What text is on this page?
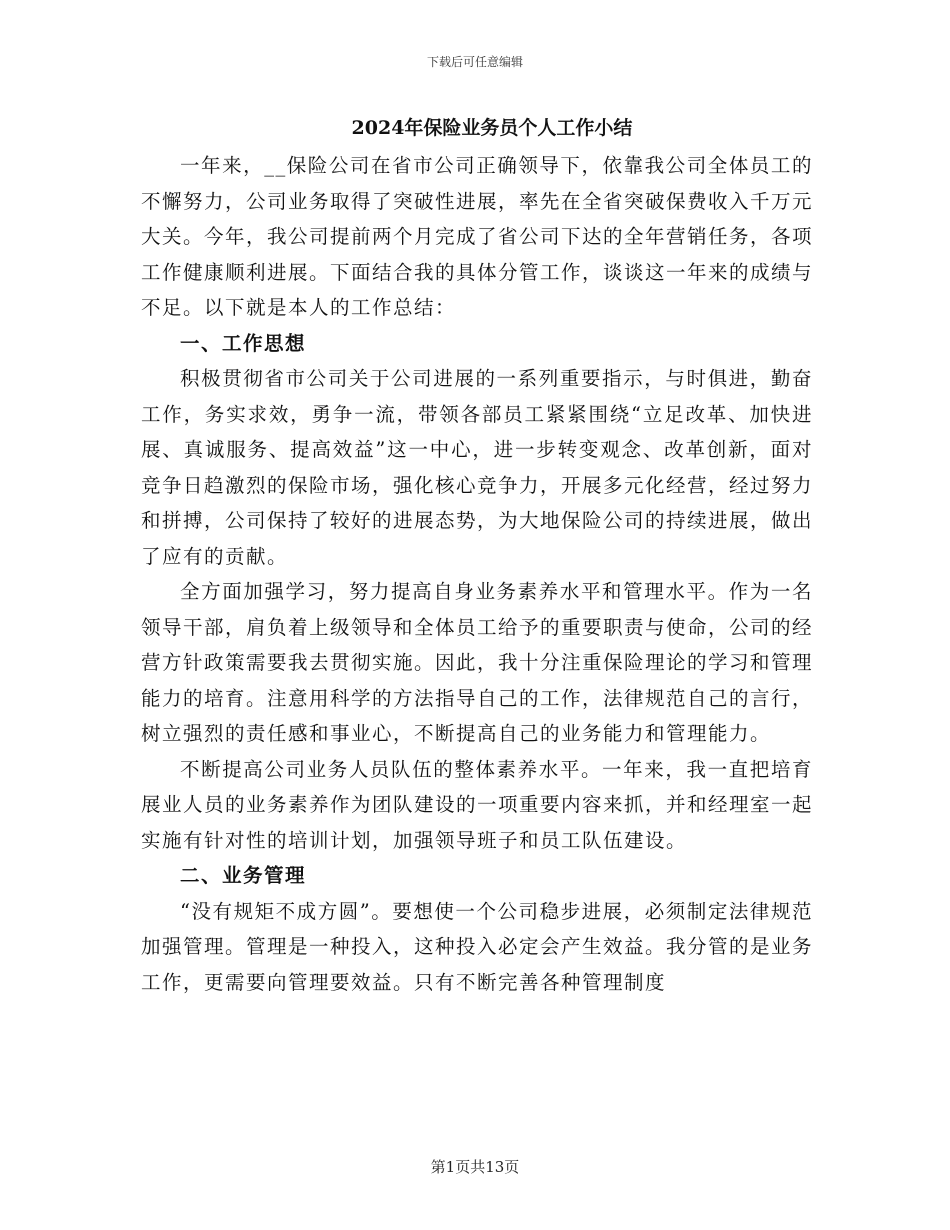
下载后可任意编辑
2024年保险业务员个人工作小结

一年来，__保险公司在省市公司正确领导下，依靠我公司全体员工的不懈努力，公司业务取得了突破性进展，率先在全省突破保费收入千万元大关。今年，我公司提前两个月完成了省公司下达的全年营销任务，各项工作健康顺利进展。下面结合我的具体分管工作，谈谈这一年来的成绩与不足。以下就是本人的工作总结：

一、工作思想

积极贯彻省市公司关于公司进展的一系列重要指示，与时俱进，勤奋工作，务实求效，勇争一流，带领各部员工紧紧围绕“立足改革、加快进展、真诚服务、提高效益”这一中心，进一步转变观念、改革创新，面对竞争日趋激烈的保险市场，强化核心竞争力，开展多元化经营，经过努力和拼搏，公司保持了较好的进展态势，为大地保险公司的持续进展，做出了应有的贡献。

全方面加强学习，努力提高自身业务素养水平和管理水平。作为一名领导干部，肩负着上级领导和全体员工给予的重要职责与使命，公司的经营方针政策需要我去贯彻实施。因此，我十分注重保险理论的学习和管理能力的培育。注意用科学的方法指导自己的工作，法律规范自己的言行，树立强烈的责任感和事业心，不断提高自己的业务能力和管理能力。

不断提高公司业务人员队伍的整体素养水平。一年来，我一直把培育展业人员的业务素养作为团队建设的一项重要内容来抓，并和经理室一起实施有针对性的培训计划，加强领导班子和员工队伍建设。

二、业务管理

“没有规矩不成方圆”。要想使一个公司稳步进展，必须制定法律规范加强管理。管理是一种投入，这种投入必定会产生效益。我分管的是业务工作，更需要向管理要效益。只有不断完善各种管理制度

第1页共13页
